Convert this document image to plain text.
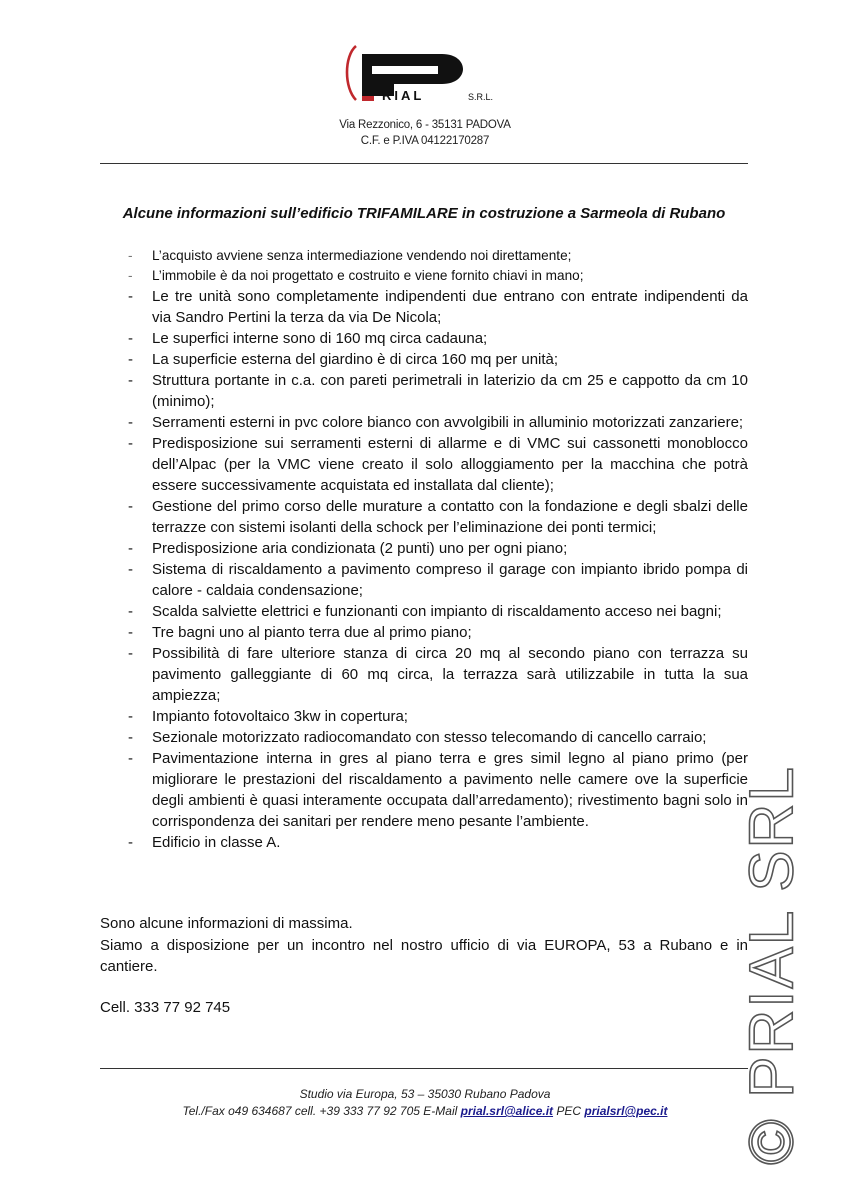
RIAL	S.R.L.
Via Rezzonico, 6 - 35131 PADOVA
C.F. e P.IVA 04122170287
Alcune informazioni sull’edificio TRIFAMILARE in costruzione a Sarmeola di Rubano
- L’acquisto avviene senza intermediazione vendendo noi direttamente;
- L’immobile è da noi progettato e costruito e viene fornito chiavi in mano;
- Le tre unità sono completamente indipendenti due entrano con entrate indipendenti da via Sandro Pertini la terza da via De Nicola;
- Le superfici interne sono di 160 mq circa cadauna;
- La superficie esterna del giardino è di circa 160 mq per unità;
- Struttura portante in c.a. con pareti perimetrali in laterizio da cm 25 e cappotto da cm 10 (minimo);
- Serramenti esterni in pvc colore bianco con avvolgibili in alluminio motorizzati zanzariere;
- Predisposizione sui serramenti esterni di allarme e di VMC sui cassonetti monoblocco dell’Alpac (per la VMC viene creato il solo alloggiamento per la macchina che potrà essere successivamente acquistata ed installata dal cliente);
- Gestione del primo corso delle murature a contatto con la fondazione e degli sbalzi delle terrazze con sistemi isolanti della schock per l’eliminazione dei ponti termici;
- Predisposizione aria condizionata (2 punti) uno per ogni piano;
- Sistema di riscaldamento a pavimento compreso il garage con impianto ibrido pompa di calore - caldaia condensazione;
- Scalda salviette elettrici e funzionanti con impianto di riscaldamento acceso nei bagni;
- Tre bagni uno al pianto terra due al primo piano;
- Possibilità di fare ulteriore stanza di circa 20 mq al secondo piano con terrazza su pavimento galleggiante di 60 mq circa, la terrazza sarà utilizzabile in tutta la sua ampiezza;
- Impianto fotovoltaico 3kw in copertura;
- Sezionale motorizzato radiocomandato con stesso telecomando di cancello carraio;
- Pavimentazione interna in gres al piano terra e gres simil legno al piano primo (per migliorare le prestazioni del riscaldamento a pavimento nelle camere ove la superficie degli ambienti è quasi interamente occupata dall’arredamento); rivestimento bagni solo in corrispondenza dei sanitari per rendere meno pesante l’ambiente.
- Edificio in classe A.
Sono alcune informazioni di massima.
Siamo a disposizione per un incontro nel nostro ufficio di via EUROPA, 53 a Rubano e in cantiere.
Cell. 333 77 92 745
Studio via Europa, 53 – 35030 Rubano Padova
Tel./Fax o49 634687 cell. +39 333 77 92 705 E-Mail prial.srl@alice.it PEC prialsrl@pec.it	© PRIAL SRL
